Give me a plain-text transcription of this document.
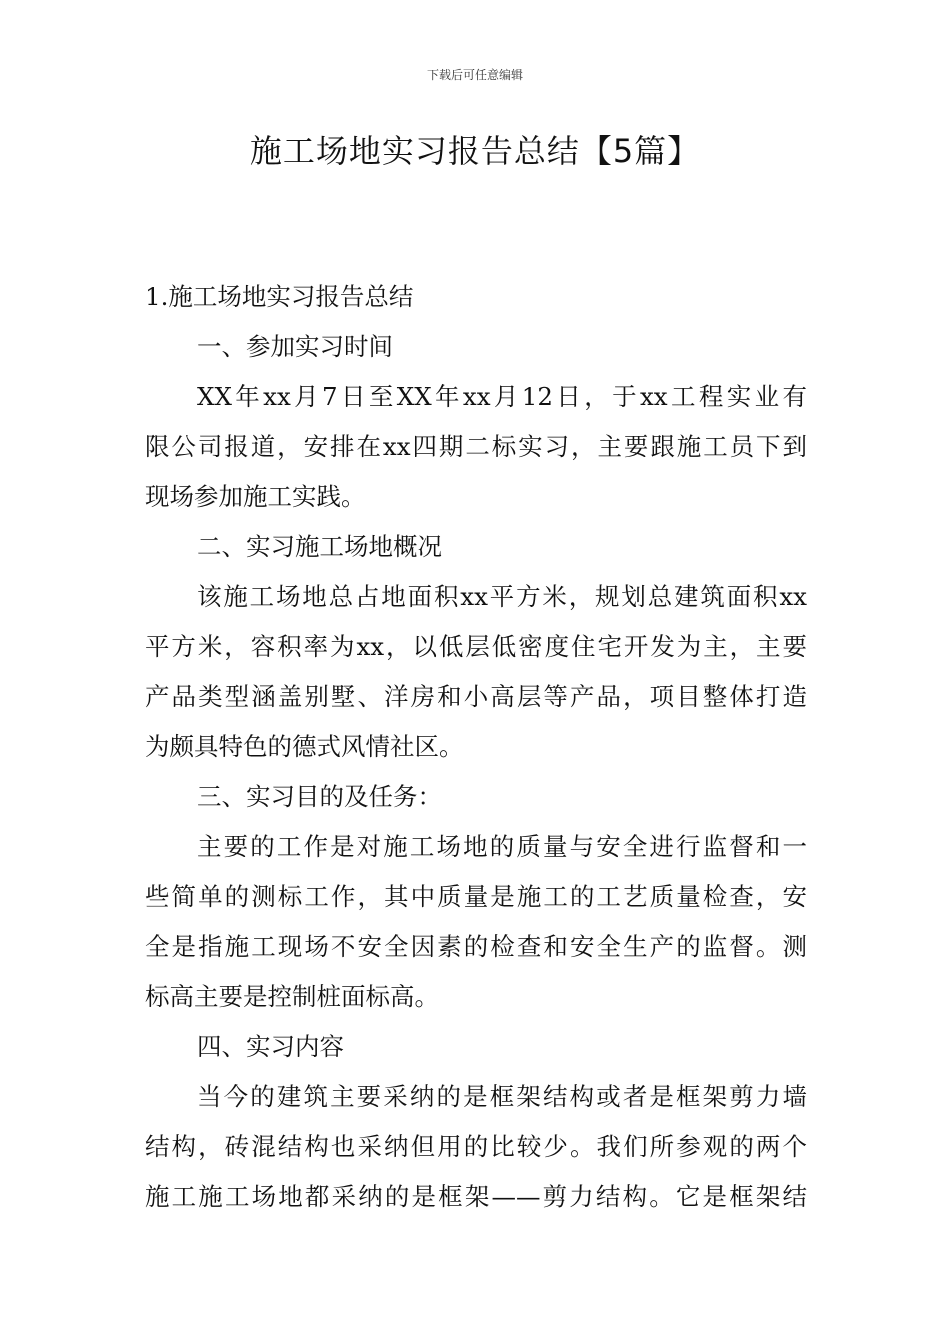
下载后可任意编辑
施工场地实习报告总结【5篇】
1.施工场地实习报告总结
一、参加实习时间
XX年xx月7日至XX年xx月12日，于xx工程实业有
限公司报道，安排在xx四期二标实习，主要跟施工员下到
现场参加施工实践。
二、实习施工场地概况
该施工场地总占地面积xx平方米，规划总建筑面积xx
平方米，容积率为xx，以低层低密度住宅开发为主，主要
产品类型涵盖别墅、洋房和小高层等产品，项目整体打造
为颇具特色的德式风情社区。
三、实习目的及任务：
主要的工作是对施工场地的质量与安全进行监督和一
些简单的测标工作，其中质量是施工的工艺质量检查，安
全是指施工现场不安全因素的检查和安全生产的监督。测
标高主要是控制桩面标高。
四、实习内容
当今的建筑主要采纳的是框架结构或者是框架剪力墙
结构，砖混结构也采纳但用的比较少。我们所参观的两个
施工施工场地都采纳的是框架——剪力结构。它是框架结
